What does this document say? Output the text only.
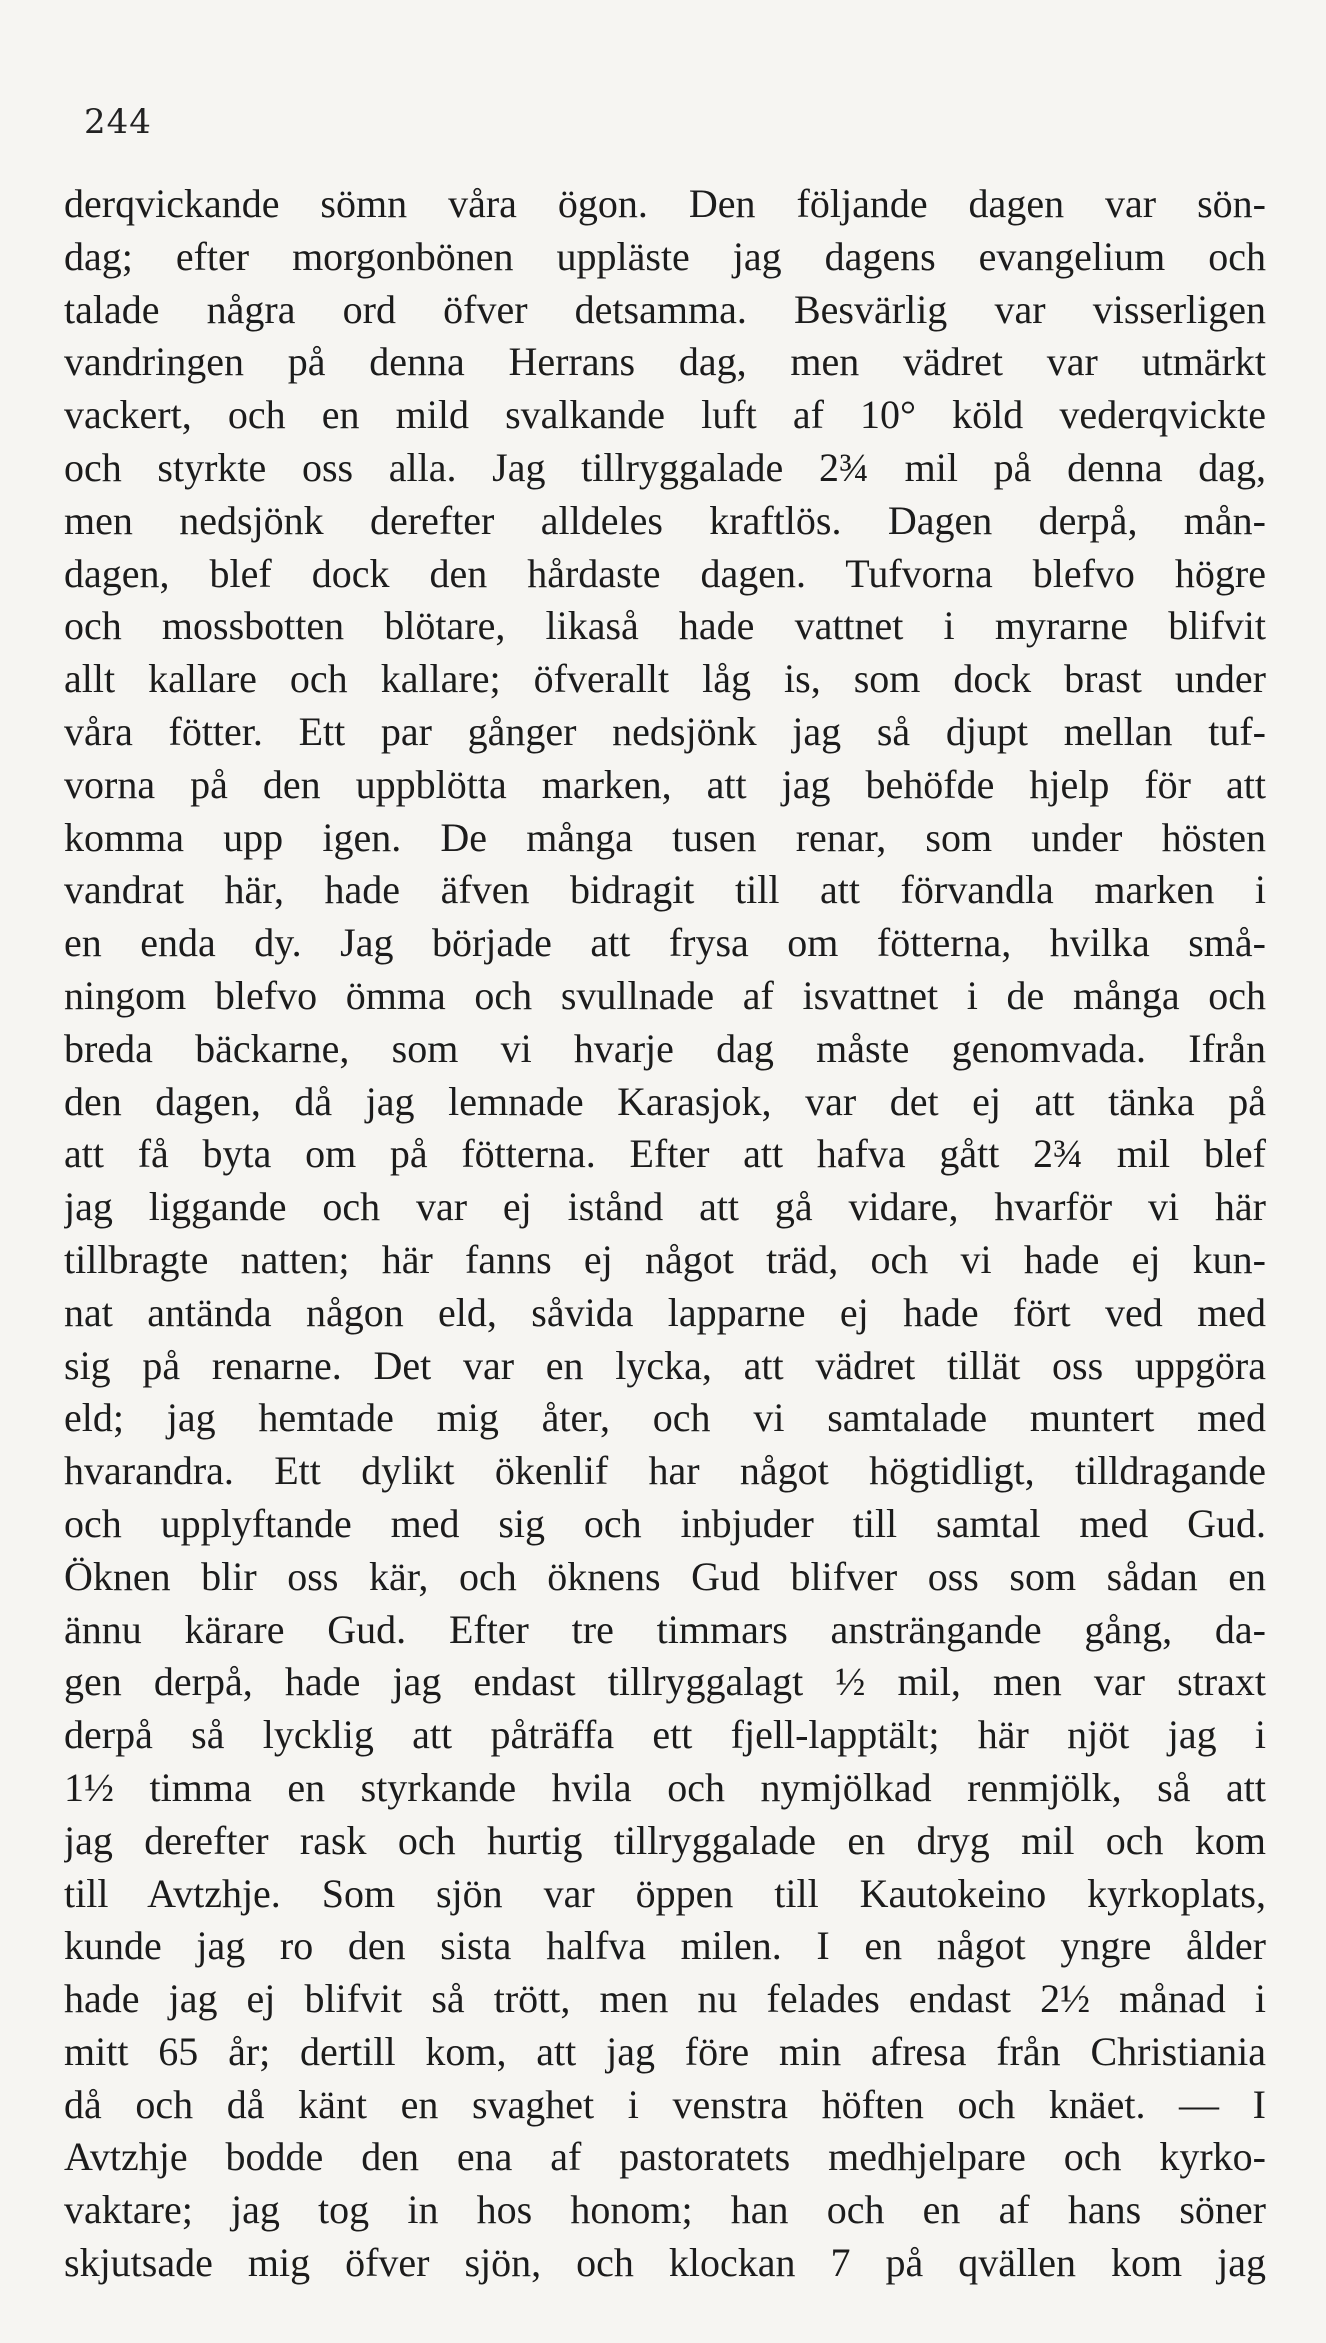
244
derqvickande sömn våra ögon. Den följande dagen var sön-
dag; efter morgonbönen uppläste jag dagens evangelium och
talade några ord öfver detsamma. Besvärlig var visserligen
vandringen på denna Herrans dag, men vädret var utmärkt
vackert, och en mild svalkande luft af 10° köld vederqvickte
och styrkte oss alla. Jag tillryggalade 2¾ mil på denna dag,
men nedsjönk derefter alldeles kraftlös. Dagen derpå, mån-
dagen, blef dock den hårdaste dagen. Tufvorna blefvo högre
och mossbotten blötare, likaså hade vattnet i myrarne blifvit
allt kallare och kallare; öfverallt låg is, som dock brast under
våra fötter. Ett par gånger nedsjönk jag så djupt mellan tuf-
vorna på den uppblötta marken, att jag behöfde hjelp för att
komma upp igen. De många tusen renar, som under hösten
vandrat här, hade äfven bidragit till att förvandla marken i
en enda dy. Jag började att frysa om fötterna, hvilka små-
ningom blefvo ömma och svullnade af isvattnet i de många och
breda bäckarne, som vi hvarje dag måste genomvada. Ifrån
den dagen, då jag lemnade Karasjok, var det ej att tänka på
att få byta om på fötterna. Efter att hafva gått 2¾ mil blef
jag liggande och var ej istånd att gå vidare, hvarför vi här
tillbragte natten; här fanns ej något träd, och vi hade ej kun-
nat antända någon eld, såvida lapparne ej hade fört ved med
sig på renarne. Det var en lycka, att vädret tillät oss uppgöra
eld; jag hemtade mig åter, och vi samtalade muntert med
hvarandra. Ett dylikt ökenlif har något högtidligt, tilldragande
och upplyftande med sig och inbjuder till samtal med Gud.
Öknen blir oss kär, och öknens Gud blifver oss som sådan en
ännu kärare Gud. Efter tre timmars ansträngande gång, da-
gen derpå, hade jag endast tillryggalagt ½ mil, men var straxt
derpå så lycklig att påträffa ett fjell-lapptält; här njöt jag i
1½ timma en styrkande hvila och nymjölkad renmjölk, så att
jag derefter rask och hurtig tillryggalade en dryg mil och kom
till Avtzhje. Som sjön var öppen till Kautokeino kyrkoplats,
kunde jag ro den sista halfva milen. I en något yngre ålder
hade jag ej blifvit så trött, men nu felades endast 2½ månad i
mitt 65 år; dertill kom, att jag före min afresa från Christiania
då och då känt en svaghet i venstra höften och knäet. — I
Avtzhje bodde den ena af pastoratets medhjelpare och kyrko-
vaktare; jag tog in hos honom; han och en af hans söner
skjutsade mig öfver sjön, och klockan 7 på qvällen kom jag
